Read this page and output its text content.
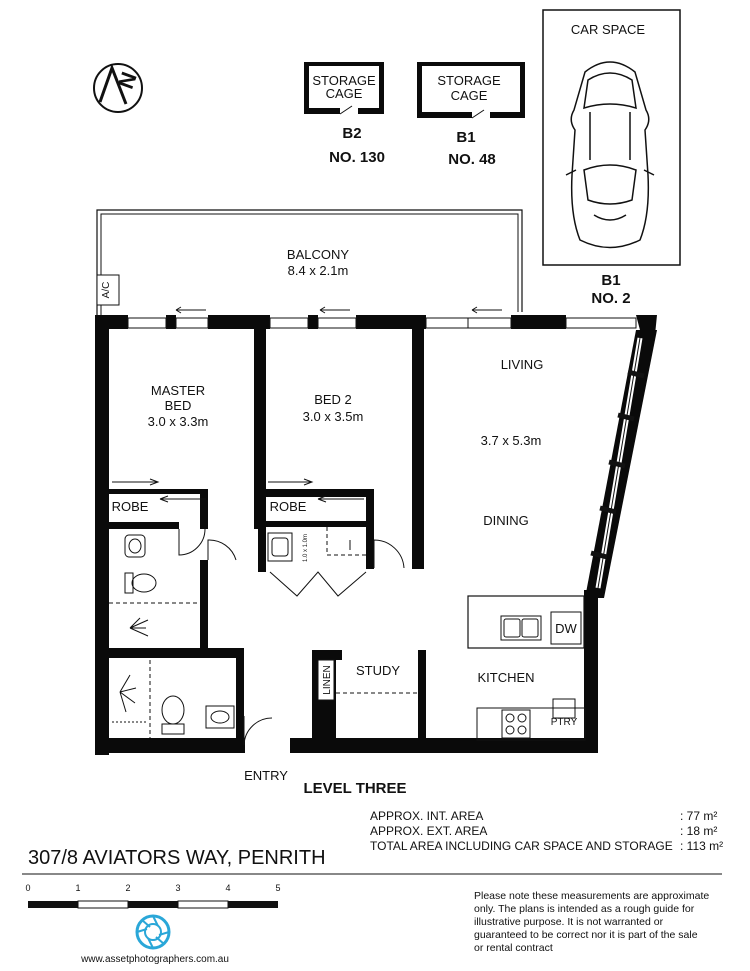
N	STORAGE
CAGE
B2
NO. 130
STORAGE
CAGE
B1
NO. 48
CAR SPACE
B1
NO. 2
A/C
BALCONY
8.4 x 2.1m
LINEN
ROBE	ROBE
1.0 x 1.0m
DW
PTRY
MASTER
BED
3.0 x 3.3m
BED 2
3.0 x 3.5m
LIVING
3.7 x 5.3m
DINING
KITCHEN
STUDY
ENTRY
LEVEL THREE
APPROX. INT. AREA	: 77 m²
APPROX. EXT. AREA	: 18 m²
TOTAL AREA INCLUDING CAR SPACE AND STORAGE : 113 m²
307/8 AVIATORS WAY, PENRITH
0	1	2	3	4	5
www.assetphotographers.com.au
Please note these measurements are approximate
only. The plans is intended as a rough guide for
illustrative purpose. It is not warranted or
guaranteed to be correct nor it is part of the sale
or rental contract
